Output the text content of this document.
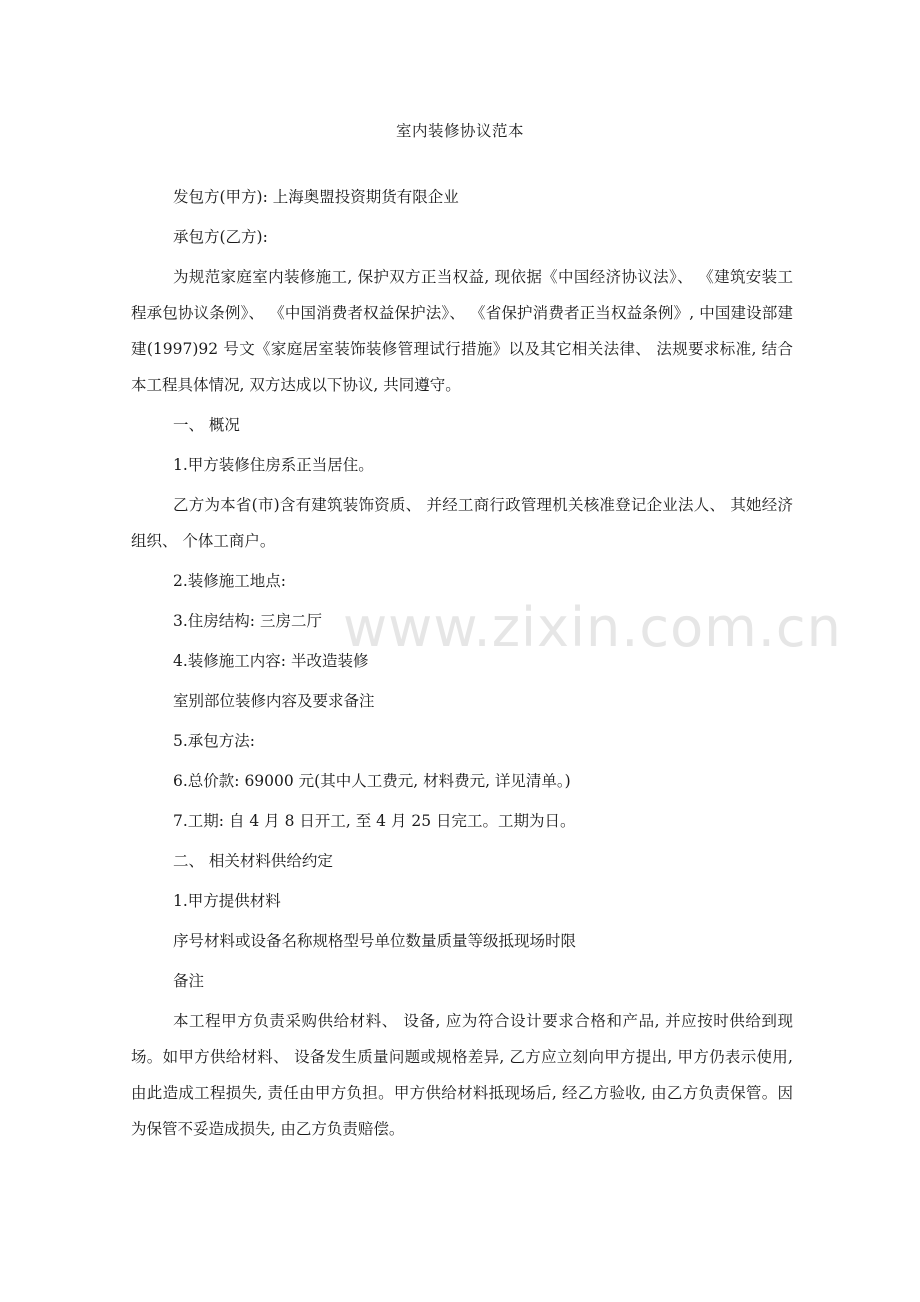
室内装修协议范本

发包方(甲方): 上海奥盟投资期货有限企业

承包方(乙方):

为规范家庭室内装修施工, 保护双方正当权益, 现依据《中国经济协议法》、 《建筑安装工程承包协议条例》、 《中国消费者权益保护法》、 《省保护消费者正当权益条例》, 中国建设部建建(1997)92 号文《家庭居室装饰装修管理试行措施》以及其它相关法律、 法规要求标准, 结合本工程具体情况, 双方达成以下协议, 共同遵守。

一、 概况

1.甲方装修住房系正当居住。

乙方为本省(市)含有建筑装饰资质、 并经工商行政管理机关核准登记企业法人、 其她经济组织、 个体工商户。

2.装修施工地点:

3.住房结构: 三房二厅

4.装修施工内容: 半改造装修

室别部位装修内容及要求备注

5.承包方法:

6.总价款: 69000 元(其中人工费元, 材料费元, 详见清单。)

7.工期: 自 4 月 8 日开工, 至 4 月 25 日完工。工期为日。

二、 相关材料供给约定

1.甲方提供材料

序号材料或设备名称规格型号单位数量质量等级抵现场时限

备注

本工程甲方负责采购供给材料、 设备, 应为符合设计要求合格和产品, 并应按时供给到现场。如甲方供给材料、 设备发生质量问题或规格差异, 乙方应立刻向甲方提出, 甲方仍表示使用, 由此造成工程损失, 责任由甲方负担。甲方供给材料抵现场后, 经乙方验收, 由乙方负责保管。因为保管不妥造成损失, 由乙方负责赔偿。

www.zixin.com.cn
